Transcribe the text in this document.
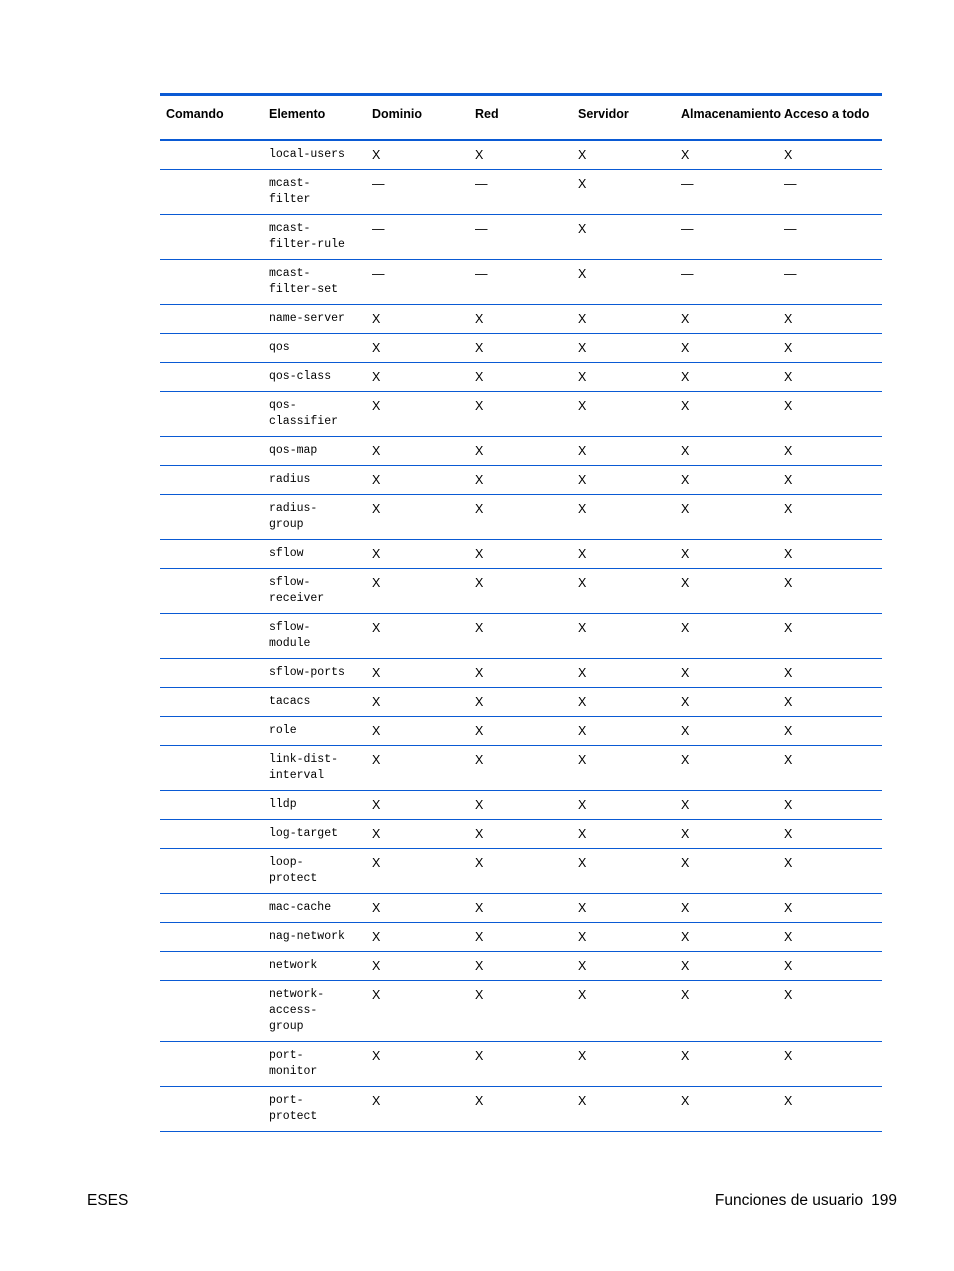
Comando	Elemento	Dominio	Red	Servidor	Almacenamiento	Acceso a todo
	local-users	X	X	X	X	X
	mcast-
filter	—	—	X	—	—
	mcast-
filter-rule	—	—	X	—	—
	mcast-
filter-set	—	—	X	—	—
	name-server	X	X	X	X	X
	qos	X	X	X	X	X
	qos-class	X	X	X	X	X
	qos-
classifier	X	X	X	X	X
	qos-map	X	X	X	X	X
	radius	X	X	X	X	X
	radius-
group	X	X	X	X	X
	sflow	X	X	X	X	X
	sflow-
receiver	X	X	X	X	X
	sflow-
module	X	X	X	X	X
	sflow-ports	X	X	X	X	X
	tacacs	X	X	X	X	X
	role	X	X	X	X	X
	link-dist-
interval	X	X	X	X	X
	lldp	X	X	X	X	X
	log-target	X	X	X	X	X
	loop-
protect	X	X	X	X	X
	mac-cache	X	X	X	X	X
	nag-network	X	X	X	X	X
	network	X	X	X	X	X
	network-
access-
group	X	X	X	X	X
	port-
monitor	X	X	X	X	X
	port-
protect	X	X	X	X	X
ESES	Funciones de usuario 199
